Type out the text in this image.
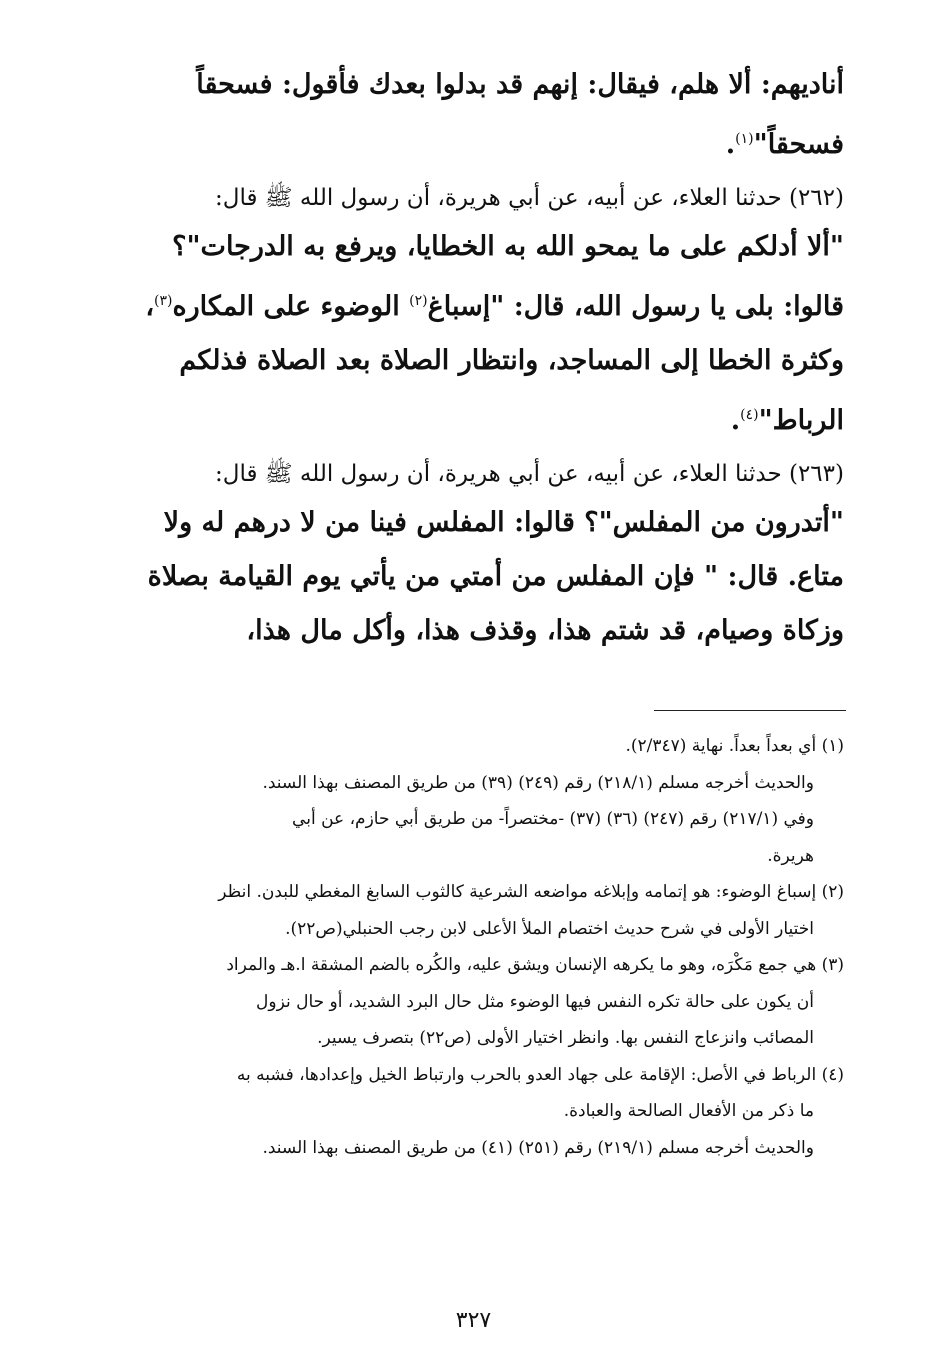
أناديهم: ألا هلم، فيقال: إنهم قد بدلوا بعدك فأقول: فسحقاً

فسحقاً"$^{(١)}$.

(٢٦٢) حدثنا العلاء، عن أبيه، عن أبي هريرة، أن رسول الله ﷺ قال:

"ألا أدلكم على ما يمحو الله به الخطايا، ويرفع به الدرجات"؟

قالوا: بلى يا رسول الله، قال: "إسباغ$^{(٢)}$ الوضوء على المكاره$^{(٣)}$،

وكثرة الخطا إلى المساجد، وانتظار الصلاة بعد الصلاة فذلكم

الرباط"$^{(٤)}$.

(٢٦٣) حدثنا العلاء، عن أبيه، عن أبي هريرة، أن رسول الله ﷺ قال:

"أتدرون من المفلس"؟ قالوا: المفلس فينا من لا درهم له ولا

متاع. قال: " فإن المفلس من أمتي من يأتي يوم القيامة بصلاة

وزكاة وصيام، قد شتم هذا، وقذف هذا، وأكل مال هذا،

(١) أي بعداً بعداً. نهاية (٢/٣٤٧).

والحديث أخرجه مسلم (٢١٨/١) رقم (٢٤٩) (٣٩) من طريق المصنف بهذا السند.

وفي (٢١٧/١) رقم (٢٤٧) (٣٦) (٣٧) -مختصراً- من طريق أبي حازم، عن أبي

هريرة.

(٢) إسباغ الوضوء: هو إتمامه وإبلاغه مواضعه الشرعية كالثوب السابغ المغطي للبدن. انظر

اختيار الأولى في شرح حديث اختصام الملأ الأعلى لابن رجب الحنبلي(ص٢٢).

(٣) هي جمع مَكْرَه، وهو ما يكرهه الإنسان ويشق عليه، والكُره بالضم المشقة ا.هـ والمراد

أن يكون على حالة تكره النفس فيها الوضوء مثل حال البرد الشديد، أو حال نزول

المصائب وانزعاج النفس بها. وانظر اختيار الأولى (ص٢٢) بتصرف يسير.

(٤) الرباط في الأصل: الإقامة على جهاد العدو بالحرب وارتباط الخيل وإعدادها، فشبه به

ما ذكر من الأفعال الصالحة والعبادة.

والحديث أخرجه مسلم (٢١٩/١) رقم (٢٥١) (٤١) من طريق المصنف بهذا السند.

٣٢٧
